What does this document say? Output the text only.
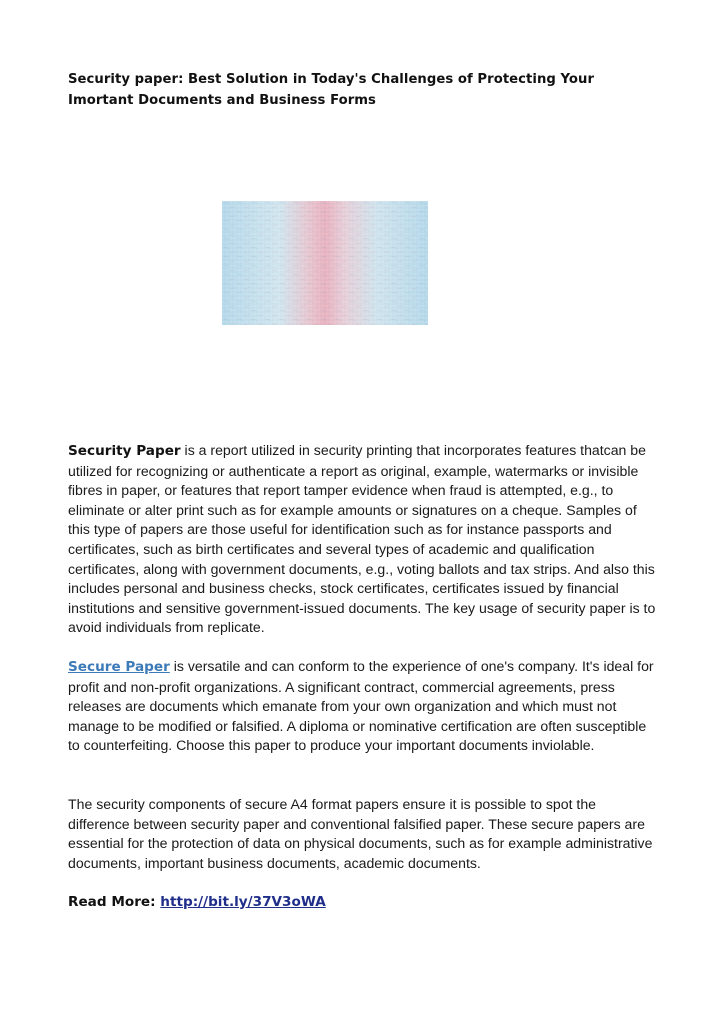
Security paper: Best Solution in Today's Challenges of Protecting Your Imortant Documents and Business Forms

Security Paper is a report utilized in security printing that incorporates features thatcan be utilized for recognizing or authenticate a report as original, example, watermarks or invisible fibres in paper, or features that report tamper evidence when fraud is attempted, e.g., to eliminate or alter print such as for example amounts or signatures on a cheque. Samples of this type of papers are those useful for identification such as for instance passports and certificates, such as birth certificates and several types of academic and qualification certificates, along with government documents, e.g., voting ballots and tax strips. And also this includes personal and business checks, stock certificates, certificates issued by financial institutions and sensitive government-issued documents. The key usage of security paper is to avoid individuals from replicate.

Secure Paper is versatile and can conform to the experience of one's company. It's ideal for profit and non-profit organizations. A significant contract, commercial agreements, press releases are documents which emanate from your own organization and which must not manage to be modified or falsified. A diploma or nominative certification are often susceptible to counterfeiting. Choose this paper to produce your important documents inviolable.

The security components of secure A4 format papers ensure it is possible to spot the difference between security paper and conventional falsified paper. These secure papers are essential for the protection of data on physical documents, such as for example administrative documents, important business documents, academic documents.

Read More: http://bit.ly/37V3oWA
